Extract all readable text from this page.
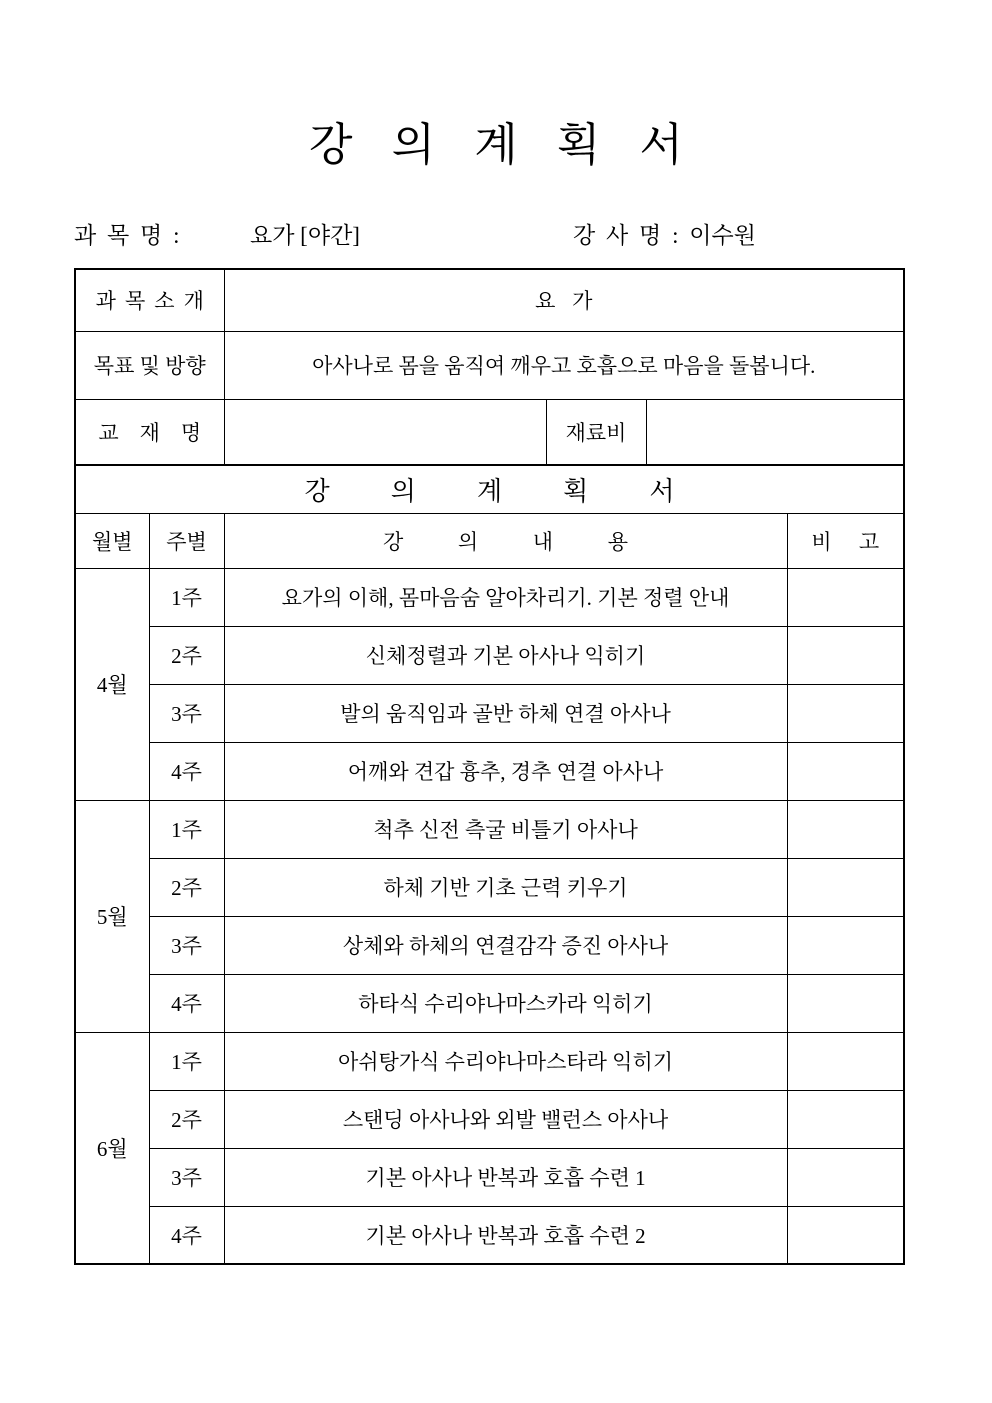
강 의 계 획 서
과 목 명 :	요가 [야간]	강 사 명 : 이수원
과 목 소 개		요 가			
목표 및 방향		아사나로 몸을 움직여 깨우고 호흡으로 마음을 돌봅니다.			
교 재 명			재료비		
강 의 계 획 서					
월별	주별	강 의 내 용			비 고
4월	1주	요가의 이해, 몸마음숨 알아차리기. 기본 정렬 안내			
	2주	신체정렬과 기본 아사나 익히기			
	3주	발의 움직임과 골반 하체 연결 아사나			
	4주	어깨와 견갑 흉추, 경추 연결 아사나			
5월	1주	척추 신전 측굴 비틀기 아사나			
	2주	하체 기반 기초 근력 키우기			
	3주	상체와 하체의 연결감각 증진 아사나			
	4주	하타식 수리야나마스카라 익히기			
6월	1주	아쉬탕가식 수리야나마스타라 익히기			
	2주	스탠딩 아사나와 외발 밸런스 아사나			
	3주	기본 아사나 반복과 호흡 수련 1			
	4주	기본 아사나 반복과 호흡 수련 2			
